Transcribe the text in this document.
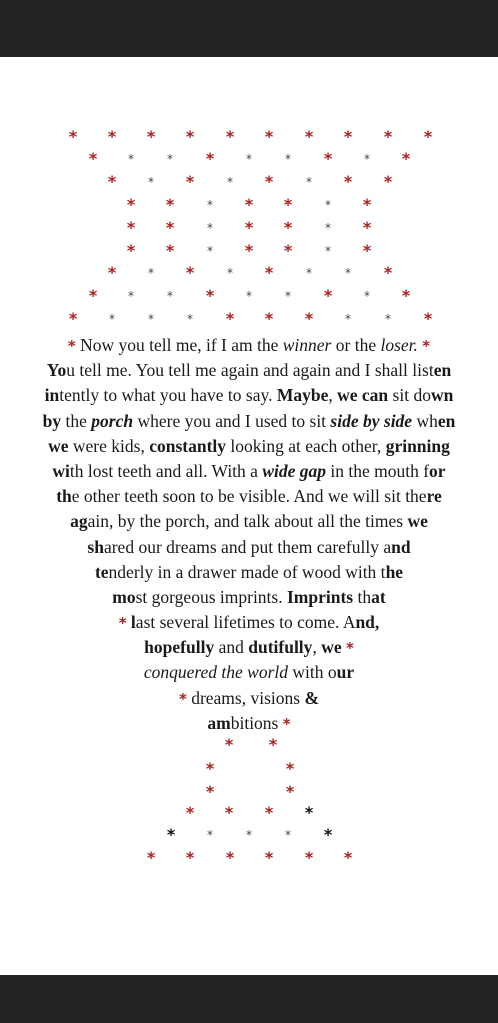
* * * * * * * * * *
*	*	* *	*	* *	* *
*	* *	* *	* * *
* *	* * *	* *
* *	* * *	* *
* *	* * *	* *
*	* *	* *	*	* *
*	*	* *	*	* *	* *
*	*	*	* * * *	*	* *
* Now you tell me, if I am the winner or the loser. *
You tell me. You tell me again and again and I shall listen
intently to what you have to say. Maybe, we can sit down
by the porch where you and I used to sit side by side when
we were kids, constantly looking at each other, grinning
with lost teeth and all. With a wide gap in the mouth for
the other teeth soon to be visible. And we will sit there
again, by the porch, and talk about all the times we
shared our dreams and put them carefully and
tenderly in a drawer made of wood with the
most gorgeous imprints. Imprints that
* last several lifetimes to come. And,
hopefully and dutifully, we *
conquered the world with our
* dreams, visions &
ambitions *
* *
*	*
*	*
* * * *
*	*	*	* *
* * * * * *
